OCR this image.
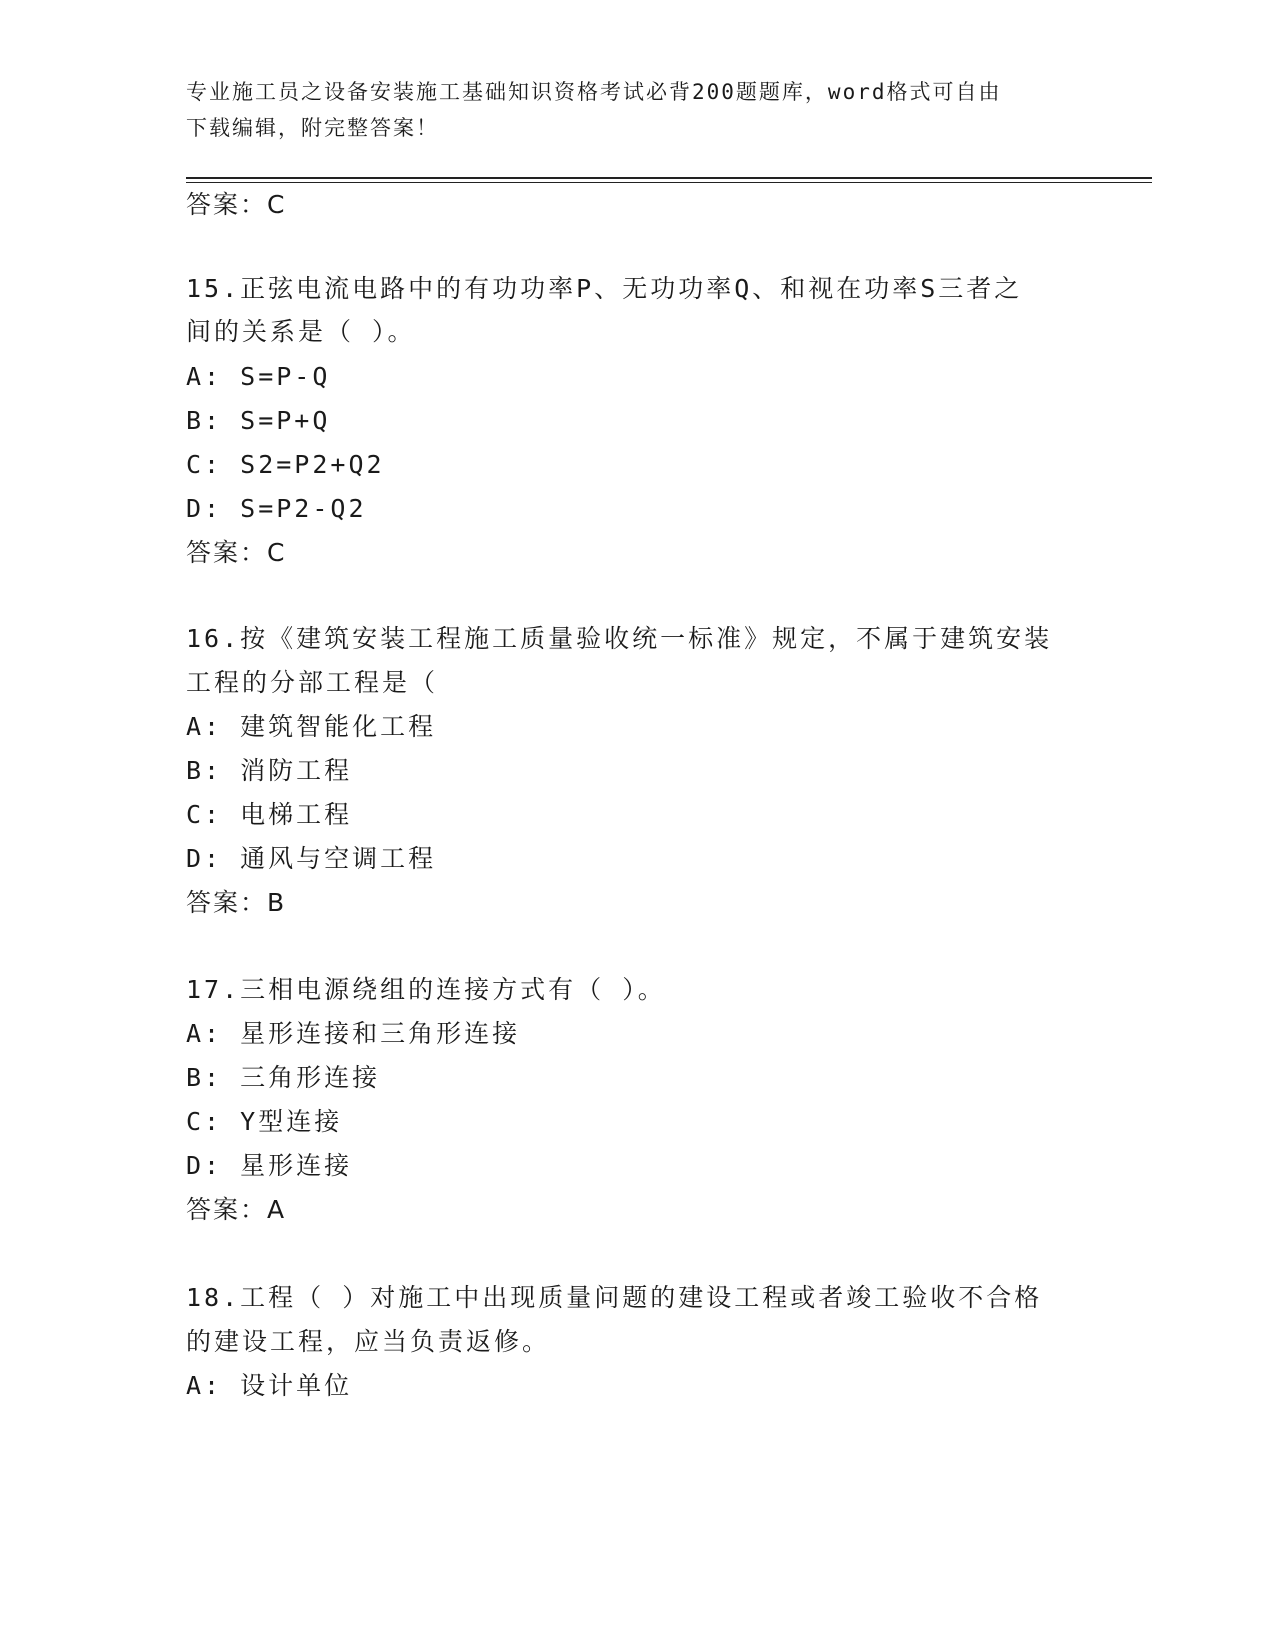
专业施工员之设备安装施工基础知识资格考试必背200题题库，word格式可自由
下载编辑，附完整答案！
答案：C
15.正弦电流电路中的有功功率P、无功功率Q、和视在功率S三者之
间的关系是（ ）。
A: S=P-Q
B: S=P+Q
C: S2=P2+Q2
D: S=P2-Q2
答案：C
16.按《建筑安装工程施工质量验收统一标准》规定，不属于建筑安装
工程的分部工程是（
A: 建筑智能化工程
B: 消防工程
C: 电梯工程
D: 通风与空调工程
答案：B
17.三相电源绕组的连接方式有（ ）。
A: 星形连接和三角形连接
B: 三角形连接
C: Y型连接
D: 星形连接
答案：A
18.工程（ ）对施工中出现质量问题的建设工程或者竣工验收不合格
的建设工程，应当负责返修。
A: 设计单位
